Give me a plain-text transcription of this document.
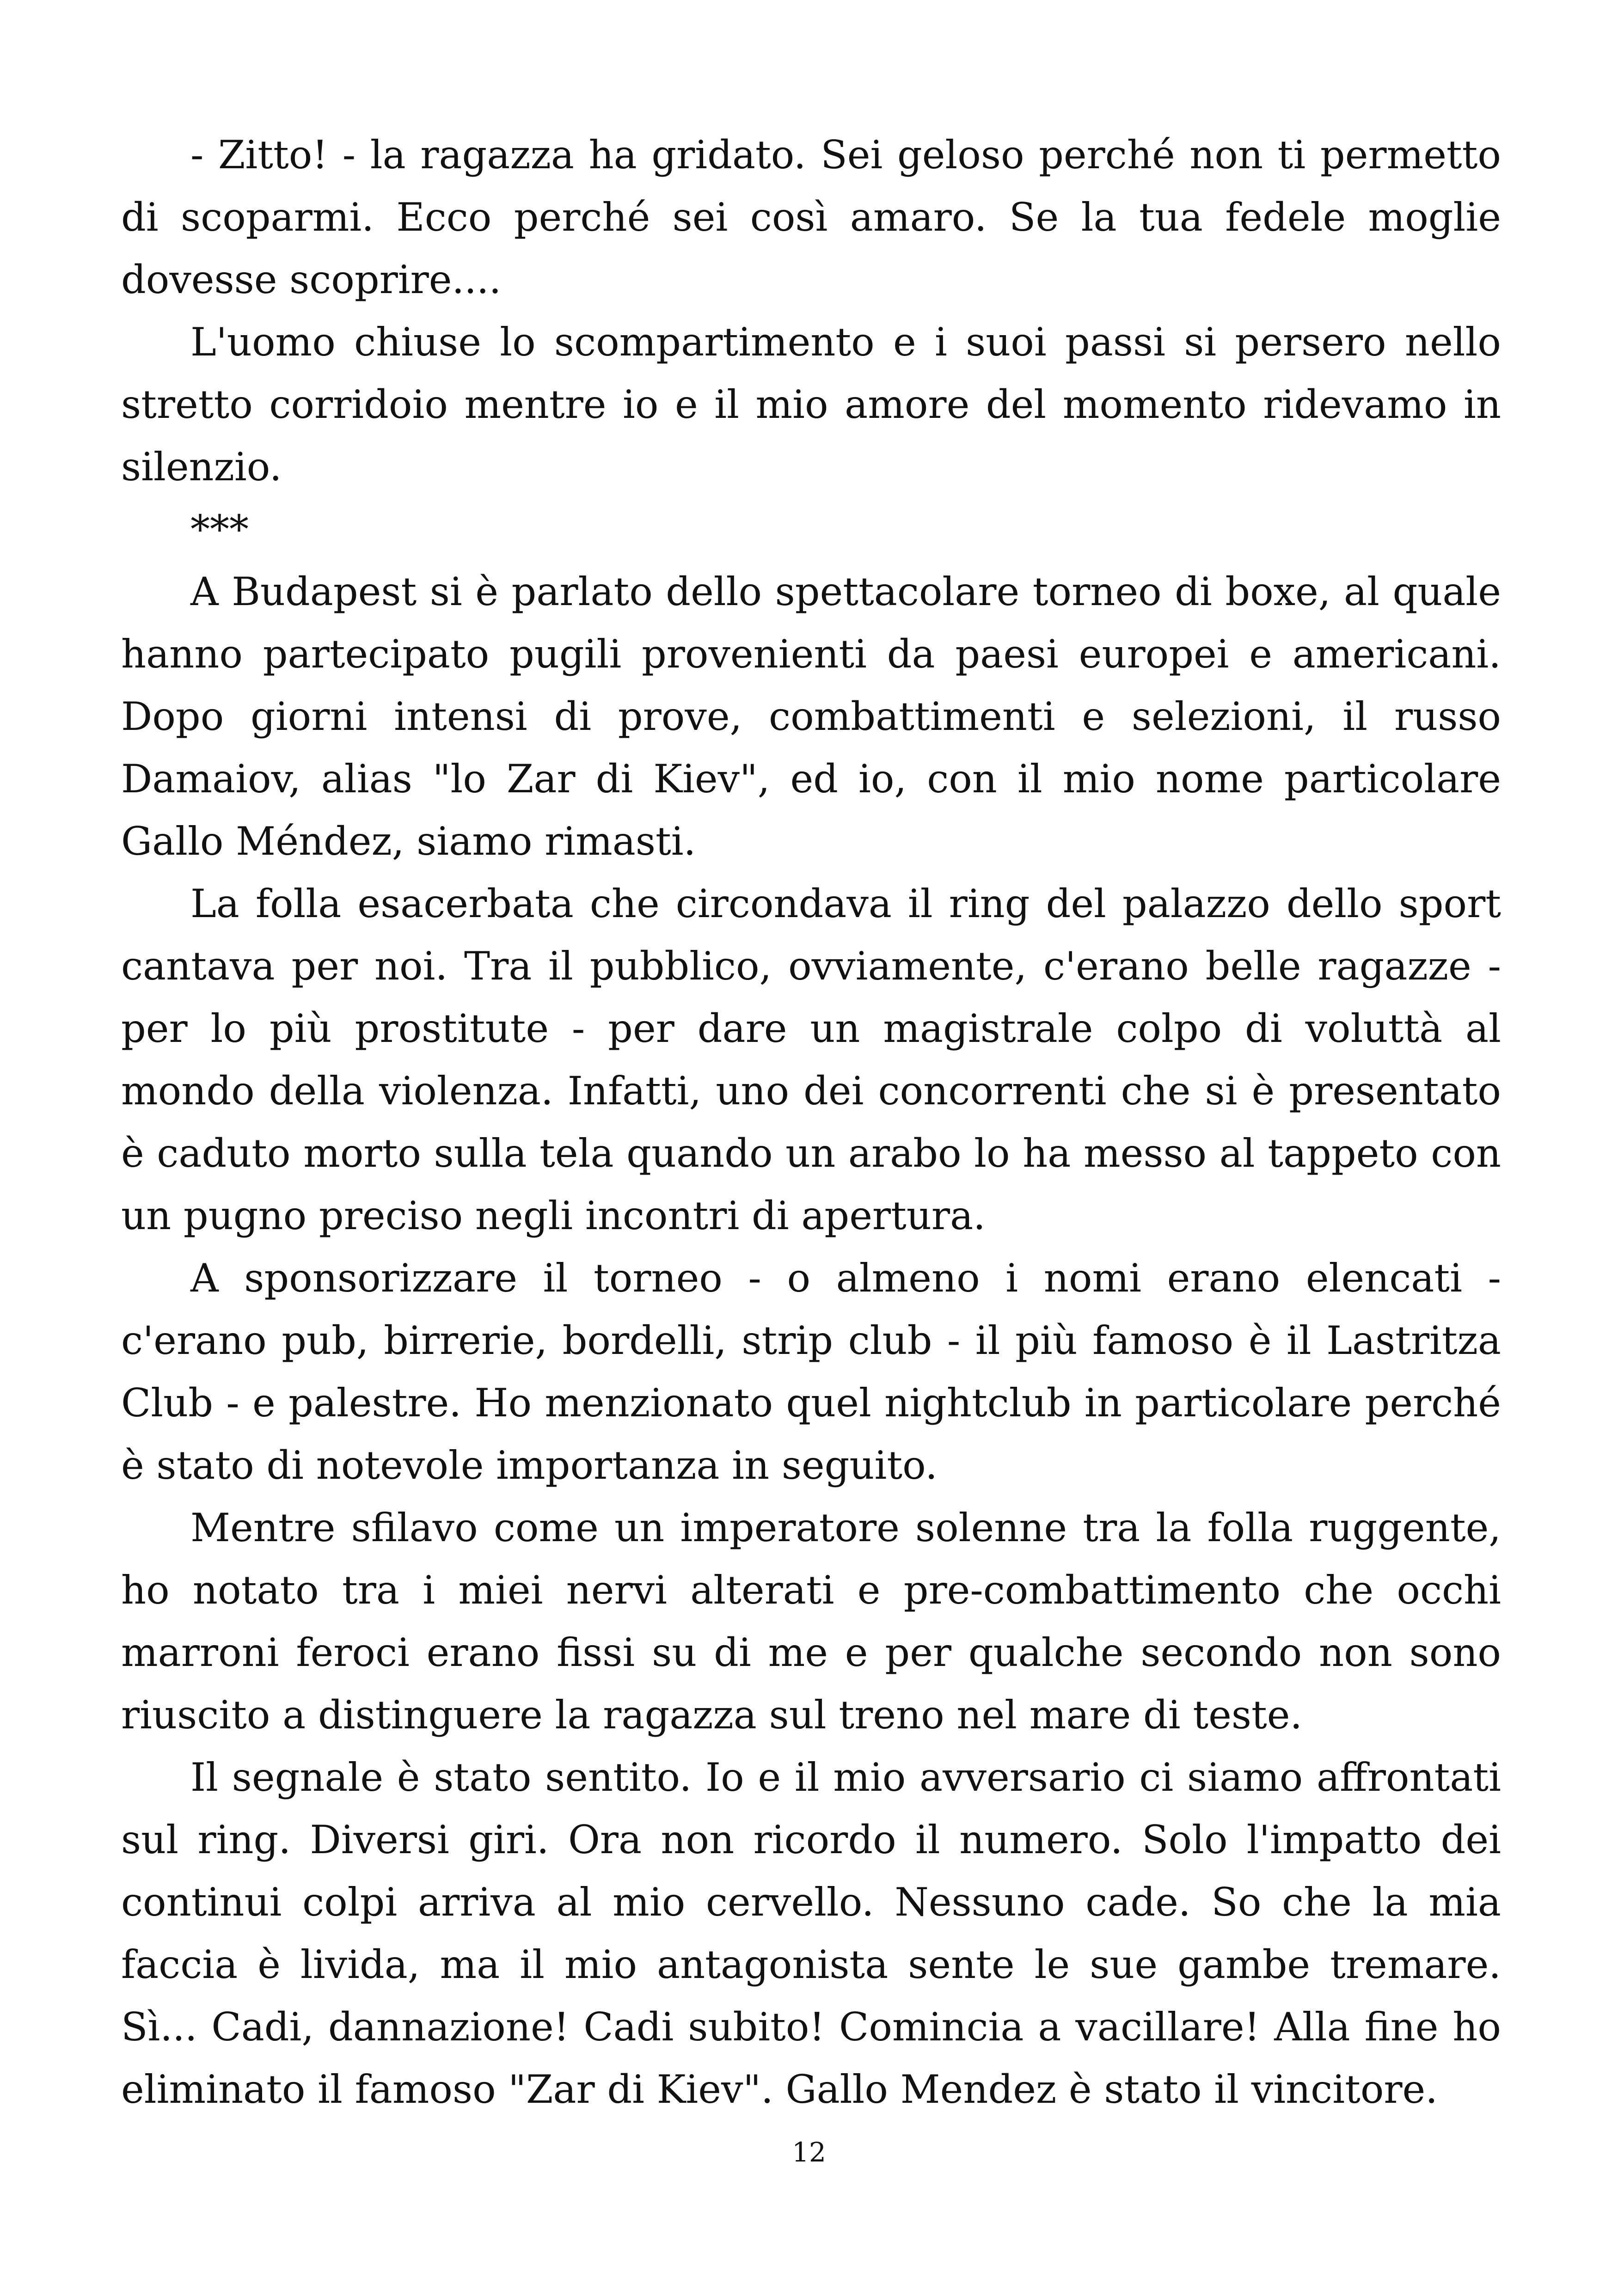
- Zitto! - la ragazza ha gridato. Sei geloso perché non ti permetto di scoparmi. Ecco perché sei così amaro. Se la tua fedele moglie dovesse scoprire....

L'uomo chiuse lo scompartimento e i suoi passi si persero nello stretto corridoio mentre io e il mio amore del momento ridevamo in silenzio.

***

A Budapest si è parlato dello spettacolare torneo di boxe, al quale hanno partecipato pugili provenienti da paesi europei e americani. Dopo giorni intensi di prove, combattimenti e selezioni, il russo Damaiov, alias "lo Zar di Kiev", ed io, con il mio nome particolare Gallo Méndez, siamo rimasti.

La folla esacerbata che circondava il ring del palazzo dello sport cantava per noi. Tra il pubblico, ovviamente, c'erano belle ragazze - per lo più prostitute - per dare un magistrale colpo di voluttà al mondo della violenza. Infatti, uno dei concorrenti che si è presentato è caduto morto sulla tela quando un arabo lo ha messo al tappeto con un pugno preciso negli incontri di apertura.

A sponsorizzare il torneo - o almeno i nomi erano elencati - c'erano pub, birrerie, bordelli, strip club - il più famoso è il Lastritza Club - e palestre. Ho menzionato quel nightclub in particolare perché è stato di notevole importanza in seguito.

Mentre sfilavo come un imperatore solenne tra la folla ruggente, ho notato tra i miei nervi alterati e pre-combattimento che occhi marroni feroci erano fissi su di me e per qualche secondo non sono riuscito a distinguere la ragazza sul treno nel mare di teste.

Il segnale è stato sentito. Io e il mio avversario ci siamo affrontati sul ring. Diversi giri. Ora non ricordo il numero. Solo l'impatto dei continui colpi arriva al mio cervello. Nessuno cade. So che la mia faccia è livida, ma il mio antagonista sente le sue gambe tremare. Sì... Cadi, dannazione! Cadi subito! Comincia a vacillare! Alla fine ho eliminato il famoso "Zar di Kiev". Gallo Mendez è stato il vincitore.

12
